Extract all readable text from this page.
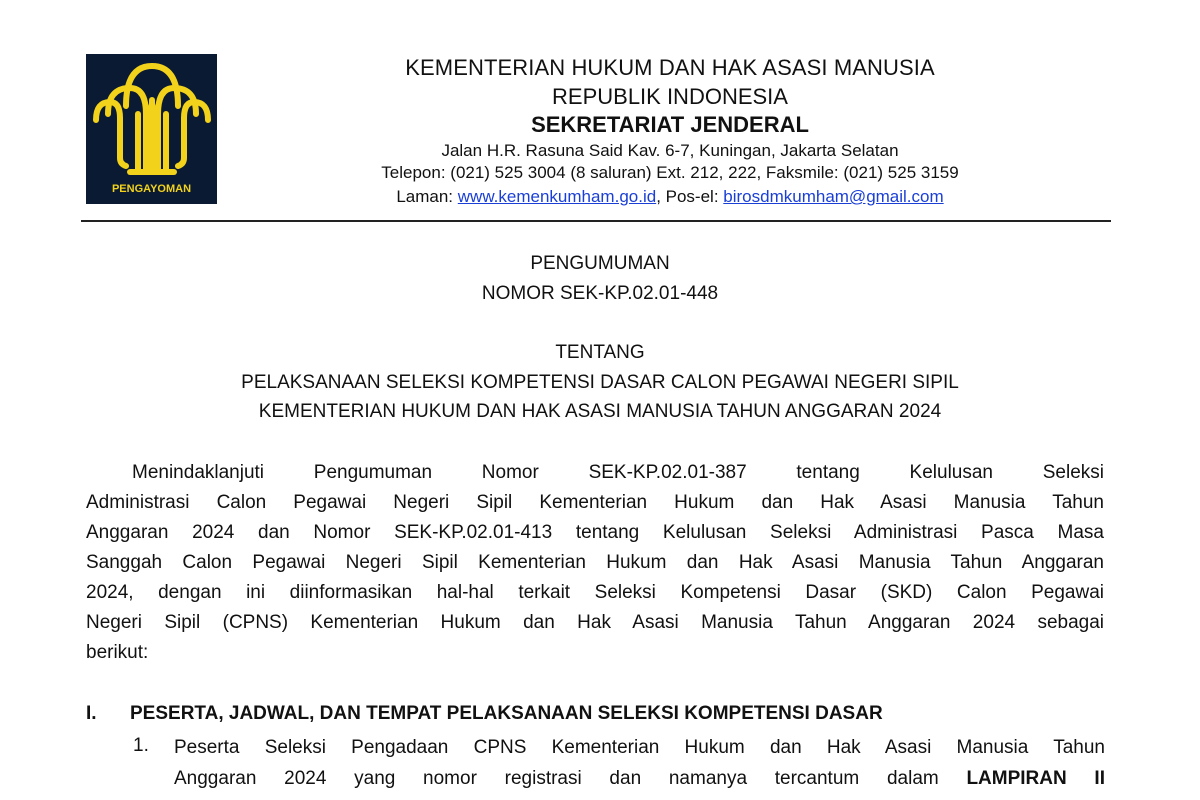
PENGAYOMAN
KEMENTERIAN HUKUM DAN HAK ASASI MANUSIA
REPUBLIK INDONESIA
SEKRETARIAT JENDERAL
Jalan H.R. Rasuna Said Kav. 6-7, Kuningan, Jakarta Selatan
Telepon: (021) 525 3004 (8 saluran) Ext. 212, 222, Faksmile: (021) 525 3159
Laman: www.kemenkumham.go.id, Pos-el: birosdmkumham@gmail.com
PENGUMUMAN
NOMOR SEK-KP.02.01-448
TENTANG
PELAKSANAAN SELEKSI KOMPETENSI DASAR CALON PEGAWAI NEGERI SIPIL
KEMENTERIAN HUKUM DAN HAK ASASI MANUSIA TAHUN ANGGARAN 2024
Menindaklanjuti Pengumuman Nomor SEK-KP.02.01-387 tentang Kelulusan Seleksi
Administrasi Calon Pegawai Negeri Sipil Kementerian Hukum dan Hak Asasi Manusia Tahun
Anggaran 2024 dan Nomor SEK-KP.02.01-413 tentang Kelulusan Seleksi Administrasi Pasca Masa
Sanggah Calon Pegawai Negeri Sipil Kementerian Hukum dan Hak Asasi Manusia Tahun Anggaran
2024, dengan ini diinformasikan hal-hal terkait Seleksi Kompetensi Dasar (SKD) Calon Pegawai
Negeri Sipil (CPNS) Kementerian Hukum dan Hak Asasi Manusia Tahun Anggaran 2024 sebagai
berikut:
I. PESERTA, JADWAL, DAN TEMPAT PELAKSANAAN SELEKSI KOMPETENSI DASAR
1. Peserta Seleksi Pengadaan CPNS Kementerian Hukum dan Hak Asasi Manusia Tahun
Anggaran 2024 yang nomor registrasi dan namanya tercantum dalam LAMPIRAN II
